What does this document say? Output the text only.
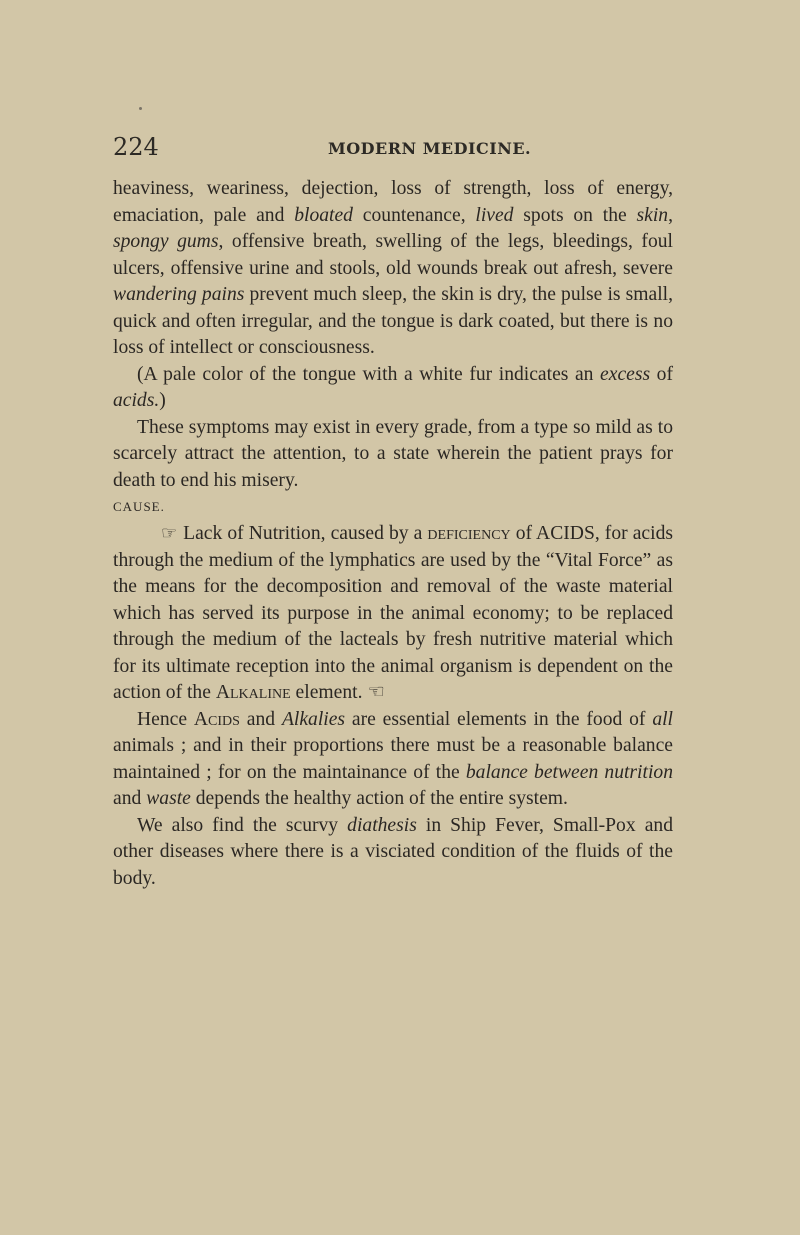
224	MODERN MEDICINE.

heaviness, weariness, dejection, loss of strength, loss of energy, emaciation, pale and bloated countenance, lived spots on the skin, spongy gums, offensive breath, swelling of the legs, bleedings, foul ulcers, offensive urine and stools, old wounds break out afresh, severe wandering pains prevent much sleep, the skin is dry, the pulse is small, quick and often irregular, and the tongue is dark coated, but there is no loss of intellect or consciousness.

(A pale color of the tongue with a white fur indicates an excess of acids.)

These symptoms may exist in every grade, from a type so mild as to scarcely attract the attention, to a state wherein the patient prays for death to end his misery.

CAUSE.

☞ Lack of Nutrition, caused by a deficiency of ACIDS, for acids through the medium of the lymphatics are used by the “Vital Force” as the means for the decomposition and removal of the waste material which has served its purpose in the animal economy; to be replaced through the medium of the lacteals by fresh nutritive material which for its ultimate reception into the animal organism is dependent on the action of the Alkaline element. ☜

Hence Acids and Alkalies are essential elements in the food of all animals ; and in their proportions there must be a reasonable balance maintained ; for on the maintainance of the balance between nutrition and waste depends the healthy action of the entire system.

We also find the scurvy diathesis in Ship Fever, Small-Pox and other diseases where there is a visciated condition of the fluids of the body.
